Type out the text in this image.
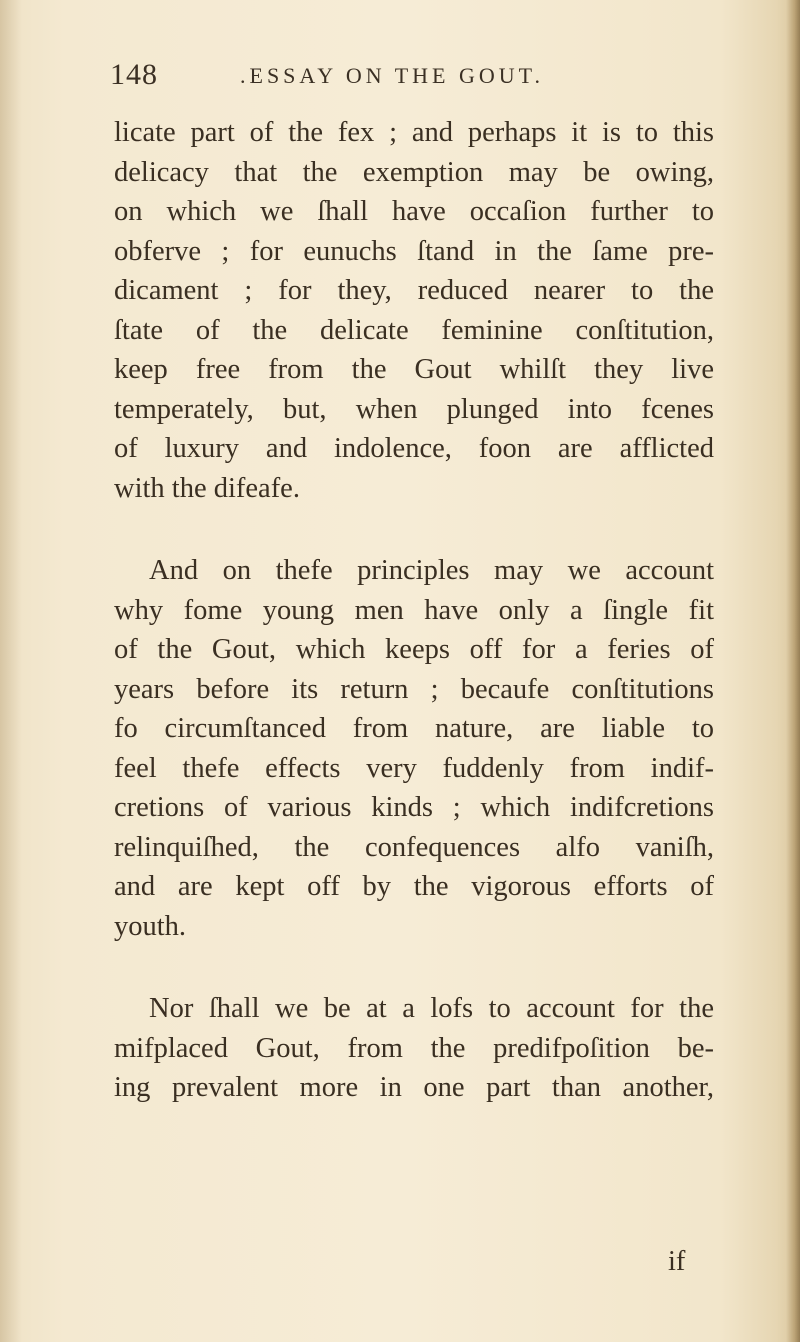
148	.ESSAY ON THE GOUT.
licate part of the fex ; and perhaps it is to this
delicacy that the exemption may be owing,
on which we ſhall have occaſion further to
obferve ; for eunuchs ſtand in the ſame pre-
dicament ; for they, reduced nearer to the
ſtate of the delicate feminine conſtitution,
keep free from the Gout whilſt they live
temperately, but, when plunged into fcenes
of luxury and indolence, foon are afflicted
with the difeafe.
And on thefe principles may we account
why fome young men have only a ſingle fit
of the Gout, which keeps off for a feries of
years before its return ; becaufe conſtitutions
fo circumſtanced from nature, are liable to
feel thefe effects very fuddenly from indif-
cretions of various kinds ; which indifcretions
relinquiſhed, the confequences alfo vaniſh,
and are kept off by the vigorous efforts of
youth.
Nor ſhall we be at a lofs to account for the
mifplaced Gout, from the predifpoſition be-
ing prevalent more in one part than another,
if
